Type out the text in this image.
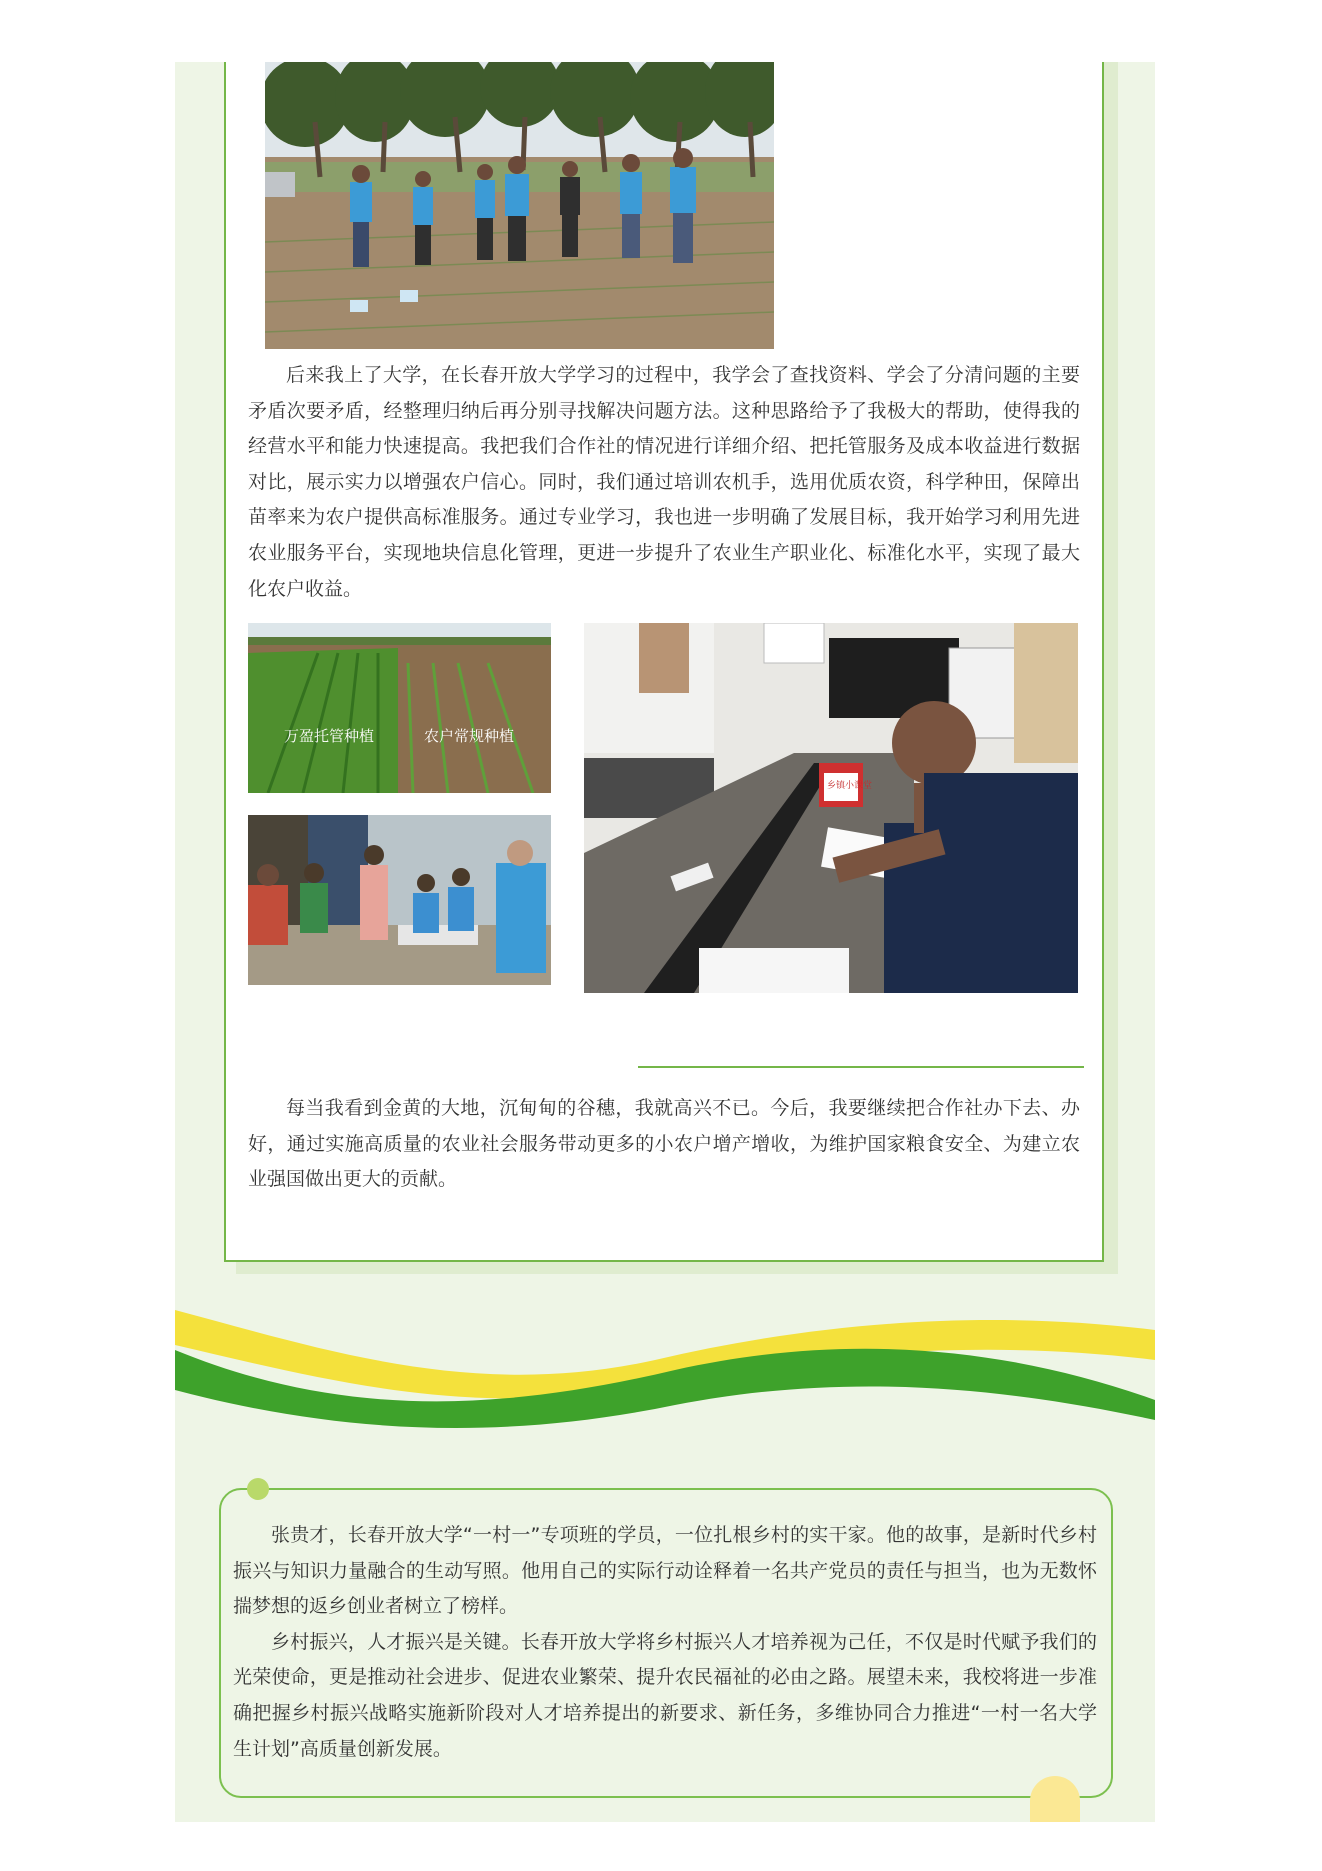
后来我上了大学，在长春开放大学学习的过程中，我学会了查找资料、学会了分清问题的主要矛盾次要矛盾，经整理归纳后再分别寻找解决问题方法。这种思路给予了我极大的帮助，使得我的经营水平和能力快速提高。我把我们合作社的情况进行详细介绍、把托管服务及成本收益进行数据对比，展示实力以增强农户信心。同时，我们通过培训农机手，选用优质农资，科学种田，保障出苗率来为农户提供高标准服务。通过专业学习，我也进一步明确了发展目标，我开始学习利用先进农业服务平台，实现地块信息化管理，更进一步提升了农业生产职业化、标准化水平，实现了最大化农户收益。

万盈托管种植	农户常规种植
乡镇小课堂

每当我看到金黄的大地，沉甸甸的谷穗，我就高兴不已。今后，我要继续把合作社办下去、办好，通过实施高质量的农业社会服务带动更多的小农户增产增收，为维护国家粮食安全、为建立农业强国做出更大的贡献。

张贵才，长春开放大学“一村一”专项班的学员，一位扎根乡村的实干家。他的故事，是新时代乡村振兴与知识力量融合的生动写照。他用自己的实际行动诠释着一名共产党员的责任与担当，也为无数怀揣梦想的返乡创业者树立了榜样。

乡村振兴，人才振兴是关键。长春开放大学将乡村振兴人才培养视为己任，不仅是时代赋予我们的光荣使命，更是推动社会进步、促进农业繁荣、提升农民福祉的必由之路。展望未来，我校将进一步准确把握乡村振兴战略实施新阶段对人才培养提出的新要求、新任务，多维协同合力推进“一村一名大学生计划”高质量创新发展。
